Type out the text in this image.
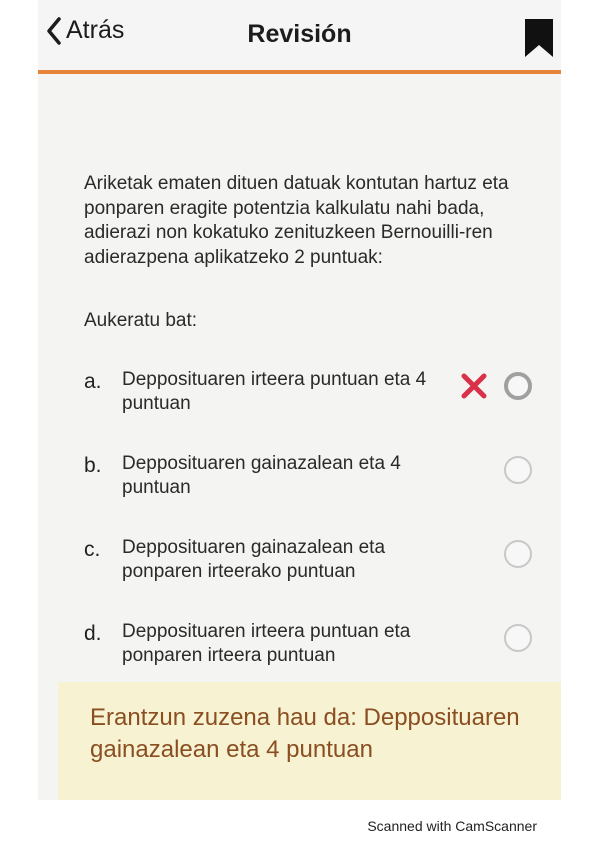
Atrás	Revisión
Ariketak ematen dituen datuak kontutan hartuz eta ponparen eragite potentzia kalkulatu nahi bada, adierazi non kokatuko zenituzkeen Bernouilli-ren adierazpena aplikatzeko 2 puntuak:
Aukeratu bat:
a. Depposituaren irteera puntuan eta 4 puntuan
b. Depposituaren gainazalean eta 4 puntuan
c. Depposituaren gainazalean eta ponparen irteerako puntuan
d. Depposituaren irteera puntuan eta ponparen irteera puntuan
Erantzun zuzena hau da: Depposituaren gainazalean eta 4 puntuan
Scanned with CamScanner
